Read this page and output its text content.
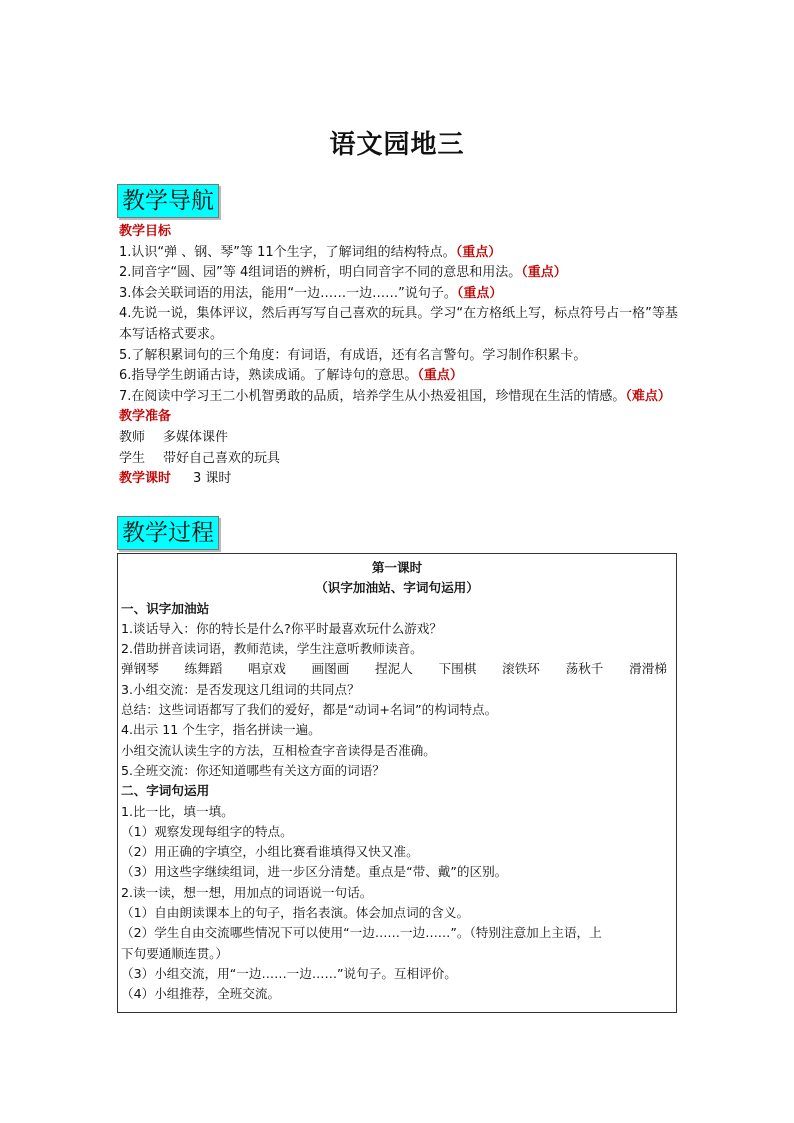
语文园地三
教学导航

教学目标

1.认识“弹 、钢、琴”等 11个生字，了解词组的结构特点。（重点）

2.同音字“圆、园”等 4组词语的辨析，明白同音字不同的意思和用法。（重点）

3.体会关联词语的用法，能用“一边……一边……”说句子。（重点）

4.先说一说，集体评议，然后再写写自己喜欢的玩具。学习“在方格纸上写，标点符号占一格”等基本写话格式要求。

5.了解积累词句的三个角度：有词语，有成语，还有名言警句。学习制作积累卡。

6.指导学生朗诵古诗，熟读成诵。了解诗句的意思。（重点）

7.在阅读中学习王二小机智勇敢的品质，培养学生从小热爱祖国，珍惜现在生活的情感。（难点）

教学准备

教师 多媒体课件

学生 带好自己喜欢的玩具

教学课时 3 课时

教学过程

第一课时

（识字加油站、字词句运用）

一、识字加油站

1.谈话导入：你的特长是什么?你平时最喜欢玩什么游戏？

2.借助拼音读词语，教师范读，学生注意听教师读音。

弹钢琴 练舞蹈 唱京戏 画图画 捏泥人 下围棋 滚铁环 荡秋千 滑滑梯

3.小组交流：是否发现这几组词的共同点？

总结：这些词语都写了我们的爱好，都是“动词+名词”的构词特点。

4.出示 11 个生字，指名拼读一遍。

小组交流认读生字的方法，互相检查字音读得是否准确。

5.全班交流：你还知道哪些有关这方面的词语？

二、字词句运用

1.比一比，填一填。

（1）观察发现每组字的特点。

（2）用正确的字填空，小组比赛看谁填得又快又准。

（3）用这些字继续组词，进一步区分清楚。重点是“带、戴”的区别。

2.读一读，想一想，用加点的词语说一句话。

（1）自由朗读课本上的句子，指名表演。体会加点词的含义。

（2）学生自由交流哪些情况下可以使用“一边……一边……”。（特别注意加上主语，上

下句要通顺连贯。）

（3）小组交流，用“一边……一边……”说句子。互相评价。

（4）小组推荐，全班交流。
